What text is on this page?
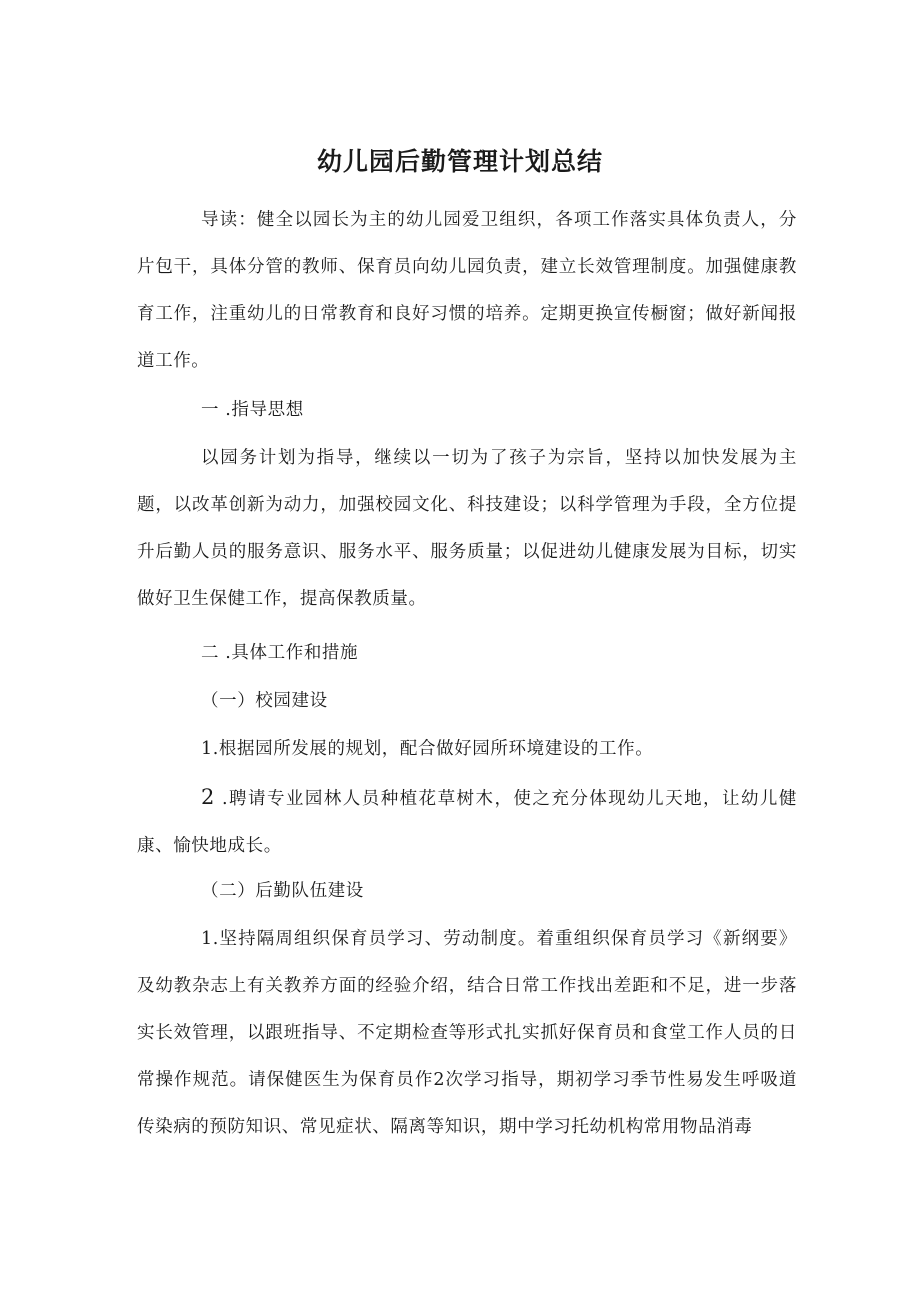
幼儿园后勤管理计划总结

导读：健全以园长为主的幼儿园爱卫组织，各项工作落实具体负责人，分片包干，具体分管的教师、保育员向幼儿园负责，建立长效管理制度。加强健康教育工作，注重幼儿的日常教育和良好习惯的培养。定期更换宣传橱窗；做好新闻报道工作。

一 .指导思想

以园务计划为指导，继续以一切为了孩子为宗旨，坚持以加快发展为主题，以改革创新为动力，加强校园文化、科技建设；以科学管理为手段，全方位提升后勤人员的服务意识、服务水平、服务质量；以促进幼儿健康发展为目标，切实做好卫生保健工作，提高保教质量。

二 .具体工作和措施

（一）校园建设

1.根据园所发展的规划，配合做好园所环境建设的工作。

2 .聘请专业园林人员种植花草树木，使之充分体现幼儿天地，让幼儿健康、愉快地成长。

（二）后勤队伍建设

1.坚持隔周组织保育员学习、劳动制度。着重组织保育员学习《新纲要》及幼教杂志上有关教养方面的经验介绍，结合日常工作找出差距和不足，进一步落实长效管理，以跟班指导、不定期检查等形式扎实抓好保育员和食堂工作人员的日常操作规范。请保健医生为保育员作2次学习指导，期初学习季节性易发生呼吸道传染病的预防知识、常见症状、隔离等知识，期中学习托幼机构常用物品消毒
